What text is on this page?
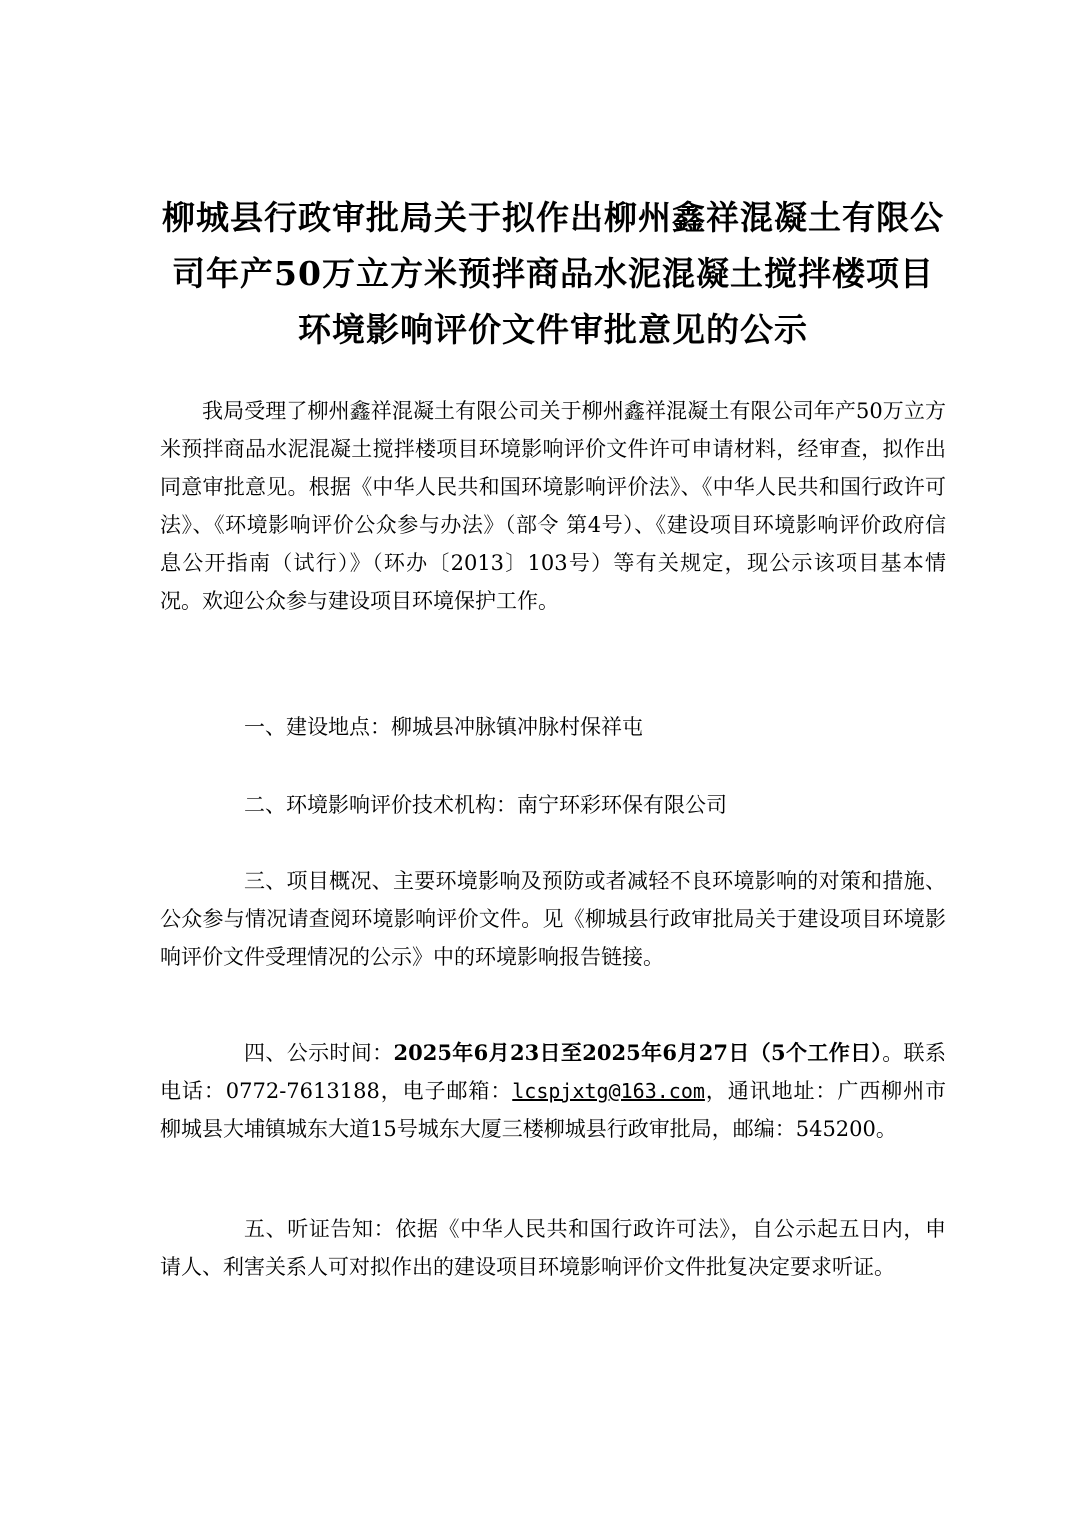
柳城县行政审批局关于拟作出柳州鑫祥混凝土有限公司年产50万立方米预拌商品水泥混凝土搅拌楼项目环境影响评价文件审批意见的公示

我局受理了柳州鑫祥混凝土有限公司关于柳州鑫祥混凝土有限公司年产50万立方米预拌商品水泥混凝土搅拌楼项目环境影响评价文件许可申请材料，经审查，拟作出同意审批意见。根据《中华人民共和国环境影响评价法》、《中华人民共和国行政许可法》、《环境影响评价公众参与办法》（部令 第4号）、《建设项目环境影响评价政府信息公开指南（试行）》（环办〔2013〕103号）等有关规定，现公示该项目基本情况。欢迎公众参与建设项目环境保护工作。

一、建设地点：柳城县冲脉镇冲脉村保祥屯

二、环境影响评价技术机构：南宁环彩环保有限公司

三、项目概况、主要环境影响及预防或者减轻不良环境影响的对策和措施、公众参与情况请查阅环境影响评价文件。见《柳城县行政审批局关于建设项目环境影响评价文件受理情况的公示》中的环境影响报告链接。

四、公示时间：2025年6月23日至2025年6月27日（5个工作日）。联系电话：0772-7613188，电子邮箱：lcspjxtg@163.com，通讯地址：广西柳州市柳城县大埔镇城东大道15号城东大厦三楼柳城县行政审批局，邮编：545200。

五、听证告知：依据《中华人民共和国行政许可法》，自公示起五日内，申请人、利害关系人可对拟作出的建设项目环境影响评价文件批复决定要求听证。
